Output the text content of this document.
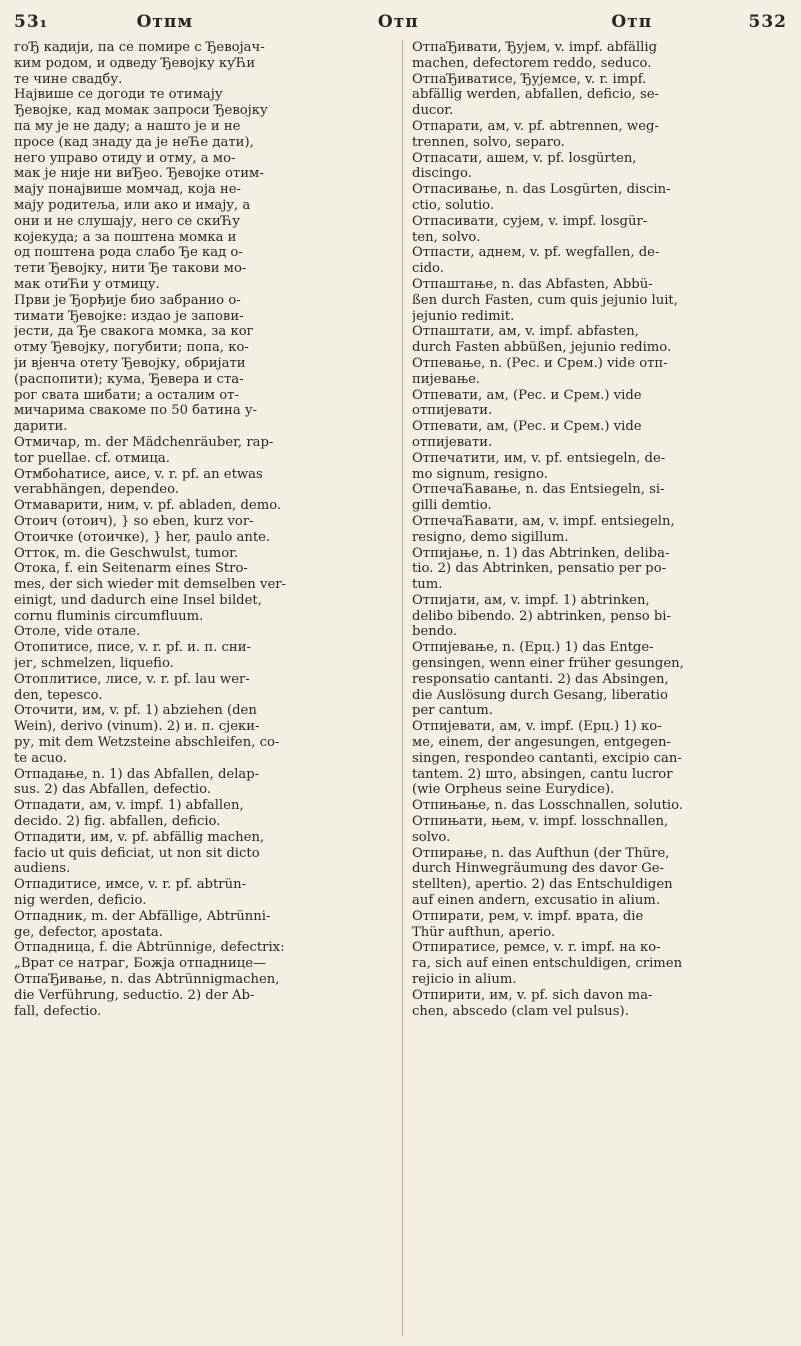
53₁	Отпм	Отп	Отп	532
гоЂ кадији, па се помире с Ђевојач-
ким родом, и одведу Ђевојку куЋи
те чине свадбу.
Највише се догоди те отимају
Ђевојке, кад момак запроси Ђевојку
па му је не даду; а нашто је и не
просе (кад знаду да је неЋе дати),
него управо отиду и отму, а мо-
мак је није ни виЂео. Ђевојке отим-
мају понајвише момчад, која не-
мају родитеља, или ако и имају, а
они и не слушају, него се скиЋу
којекуда; а за поштена момка и
од поштена рода слабо Ђе кад о-
тети Ђевојку, нити Ђе такови мо-
мак отиЋи у отмицу.
Први је Ђорђије био забранио о-
тимати Ђевојке: издао је запови-
јести, да Ђе свакога момка, за ког
отму Ђевојку, погубити; попа, ко-
ји вјенча отету Ђевојку, обријати
(распопити); кума, Ђевера и ста-
рог свата шибати; а осталим от-
мичарима свакоме по 50 батина у-
дарити.
Отмичар, m. der Mädchenräuber, rap-
tor puellae. cf. отмица.
Отмбоhатисе, аисе, v. r. pf. an etwas
verabhängen, dependeo.
Отмаварити, ним, v. pf. abladen, demo.
Отоич (отоич), } so eben, kurz vor-
Отоичке (отоичке), } her, paulo ante.
Отток, m. die Geschwulst, tumor.
Отока, f. ein Seitenarm eines Stro-
mes, der sich wieder mit demselben ver-
einigt, und dadurch eine Insel bildet,
cornu fluminis circumfluum.
Отоле, vide отале.
Отопитисе, писе, v. r. pf. и. п. сни-
јег, schmelzen, liquefio.
Отоплитисе, лисе, v. r. pf. lau wer-
den, tepesco.
Оточити, им, v. pf. 1) abziehen (den
Wein), derivo (vinum). 2) и. п. сјеки-
ру, mit dem Wetzsteine abschleifen, co-
te acuo.
Отпадање, n. 1) das Abfallen, delap-
sus. 2) das Abfallen, defectio.
Отпадати, ам, v. impf. 1) abfallen,
decido. 2) fig. abfallen, deficio.
Отпадити, им, v. pf. abfällig machen,
facio ut quis deficiat, ut non sit dicto
audiens.
Отпадитисе, имсе, v. r. pf. abtrün-
nig werden, deficio.
Отпадник, m. der Abfällige, Abtrünni-
ge, defector, apostata.
Отпадница, f. die Abtrünnige, defectrix:
„Врат се натраг, Божја отпаднице—
ОтпаЂивање, n. das Abtrünnigmachen,
die Verführung, seductio. 2) der Ab-
fall, defectio.
ОтпаЂивати, Ђујем, v. impf. abfällig
machen, defectorem reddo, seduco.
ОтпаЂиватисе, Ђујемсе, v. r. impf.
abfällig werden, abfallen, deficio, se-
ducor.
Отпарати, ам, v. pf. abtrennen, weg-
trennen, solvo, separo.
Отпасати, ашем, v. pf. losgürten,
discingo.
Отпасивање, n. das Losgürten, discin-
ctio, solutio.
Отпасивати, сујем, v. impf. losgür-
ten, solvo.
Отпасти, аднем, v. pf. wegfallen, de-
cido.
Отпаштање, n. das Abfasten, Abbü-
ßen durch Fasten, cum quis jejunio luit,
jejunio redimit.
Отпаштати, ам, v. impf. abfasten,
durch Fasten abbüßen, jejunio redimo.
Отпевање, n. (Рес. и Срем.) vide отп-
пијевање.
Отпевати, ам, (Рес. и Срем.) vide
отпијевати.
Отпевати, ам, (Рес. и Срем.) vide
отпијевати.
Отпечатити, им, v. pf. entsiegeln, de-
mo signum, resigno.
ОтпечаЋавање, n. das Entsiegeln, si-
gilli demtio.
ОтпечаЋавати, ам, v. impf. entsiegeln,
resigno, demo sigillum.
Отпијање, n. 1) das Abtrinken, deliba-
tio. 2) das Abtrinken, pensatio per po-
tum.
Отпијати, ам, v. impf. 1) abtrinken,
delibo bibendo. 2) abtrinken, penso bi-
bendo.
Отпијевање, n. (Ерц.) 1) das Entge-
gensingen, wenn einer früher gesungen,
responsatio cantanti. 2) das Absingen,
die Auslösung durch Gesang, liberatio
per cantum.
Отпијевати, ам, v. impf. (Ерц.) 1) ко-
ме, einem, der angesungen, entgegen-
singen, respondeo cantanti, excipio can-
tantem. 2) што, absingen, cantu lucror
(wie Orpheus seine Eurydice).
Отпињање, n. das Losschnallen, solutio.
Отпињати, њем, v. impf. losschnallen,
solvo.
Отпирање, n. das Aufthun (der Thüre,
durch Hinwegräumung des davor Ge-
stellten), apertio. 2) das Entschuldigen
auf einen andern, excusatio in alium.
Отпирати, рем, v. impf. врата, die
Thür aufthun, aperio.
Отпиратисе, ремсе, v. r. impf. на ко-
га, sich auf einen entschuldigen, crimen
rejicio in alium.
Отпирити, им, v. pf. sich davon ma-
chen, abscedo (clam vel pulsus).
